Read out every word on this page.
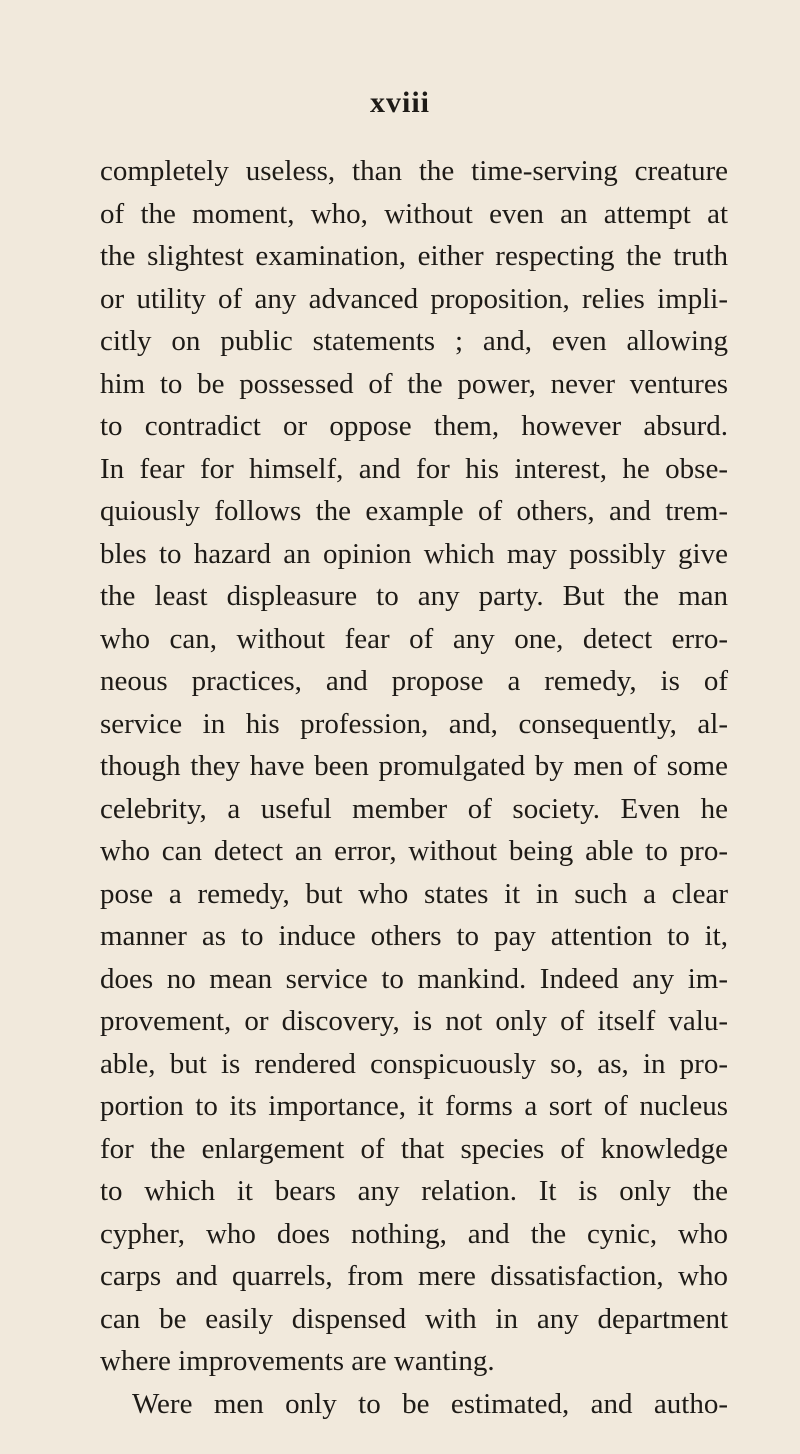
xviii
completely useless, than the time-serving creature
of the moment, who, without even an attempt at
the slightest examination, either respecting the truth
or utility of any advanced proposition, relies impli-
citly on public statements ; and, even allowing
him to be possessed of the power, never ventures
to contradict or oppose them, however absurd.
In fear for himself, and for his interest, he obse-
quiously follows the example of others, and trem-
bles to hazard an opinion which may possibly give
the least displeasure to any party. But the man
who can, without fear of any one, detect erro-
neous practices, and propose a remedy, is of
service in his profession, and, consequently, al-
though they have been promulgated by men of some
celebrity, a useful member of society. Even he
who can detect an error, without being able to pro-
pose a remedy, but who states it in such a clear
manner as to induce others to pay attention to it,
does no mean service to mankind. Indeed any im-
provement, or discovery, is not only of itself valu-
able, but is rendered conspicuously so, as, in pro-
portion to its importance, it forms a sort of nucleus
for the enlargement of that species of knowledge
to which it bears any relation. It is only the
cypher, who does nothing, and the cynic, who
carps and quarrels, from mere dissatisfaction, who
can be easily dispensed with in any department
where improvements are wanting.
Were men only to be estimated, and autho-
